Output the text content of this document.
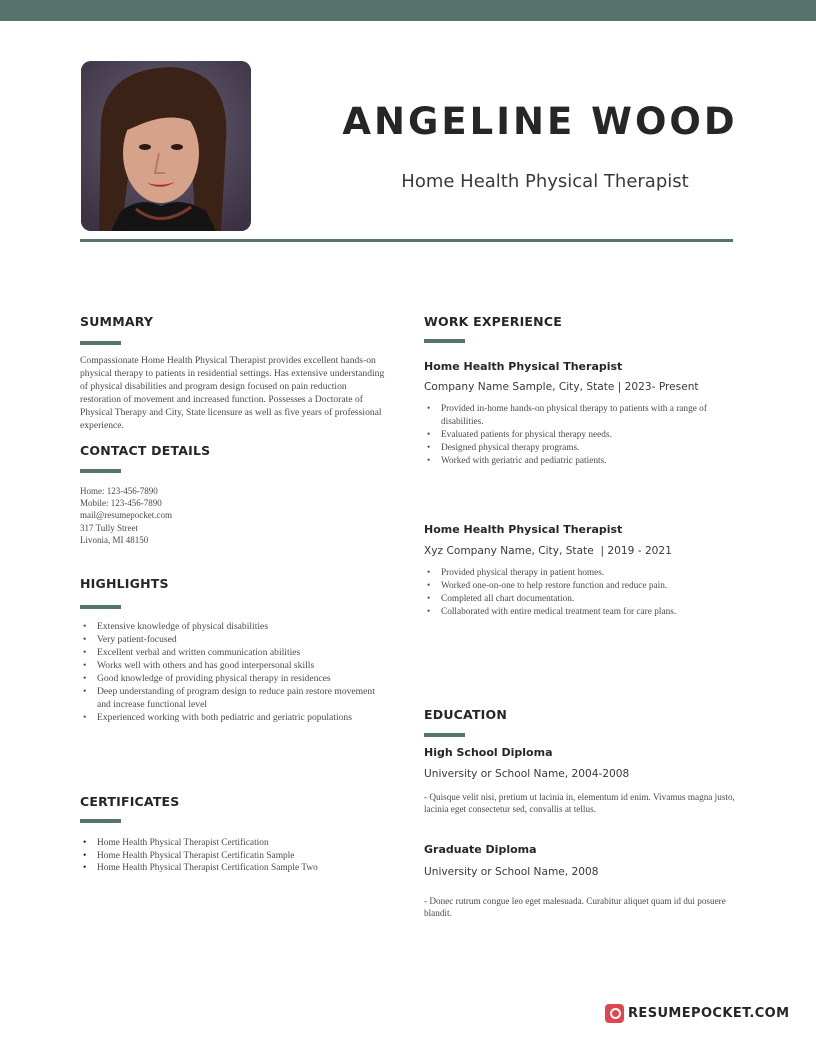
ANGELINE WOOD
Home Health Physical Therapist
SUMMARY
Compassionate Home Health Physical Therapist provides excellent hands-on physical therapy to patients in residential settings. Has extensive understanding of physical disabilities and program design focused on pain reduction restoration of movement and increased function. Possesses a Doctorate of Physical Therapy and City, State licensure as well as five years of professional experience.
CONTACT DETAILS
Home: 123-456-7890
Mobile: 123-456-7890
mail@resumepocket.com
317 Tully Street
Livonia, MI 48150
HIGHLIGHTS
• Extensive knowledge of physical disabilities
• Very patient-focused
• Excellent verbal and written communication abilities
• Works well with others and has good interpersonal skills
• Good knowledge of providing physical therapy in residences
• Deep understanding of program design to reduce pain restore movement and increase functional level
• Experienced working with both pediatric and geriatric populations
CERTIFICATES
• Home Health Physical Therapist Certification
• Home Health Physical Therapist Certificatin Sample
• Home Health Physical Therapist Certification Sample Two
WORK EXPERIENCE
Home Health Physical Therapist
Company Name Sample, City, State | 2023- Present
• Provided in-home hands-on physical therapy to patients with a range of disabilities.
• Evaluated patients for physical therapy needs.
• Designed physical therapy programs.
• Worked with geriatric and pediatric patients.
Home Health Physical Therapist
Xyz Company Name, City, State  | 2019 - 2021
• Provided physical therapy in patient homes.
• Worked one-on-one to help restore function and reduce pain.
• Completed all chart documentation.
• Collaborated with entire medical treatment team for care plans.
EDUCATION
High School Diploma
University or School Name, 2004-2008
- Quisque velit nisi, pretium ut lacinia in, elementum id enim. Vivamus magna justo, lacinia eget consectetur sed, convallis at tellus.
Graduate Diploma
University or School Name, 2008
- Donec rutrum congue leo eget malesuada. Curabitur aliquet quam id dui posuere blandit.
RESUMEPOCKET.COM
